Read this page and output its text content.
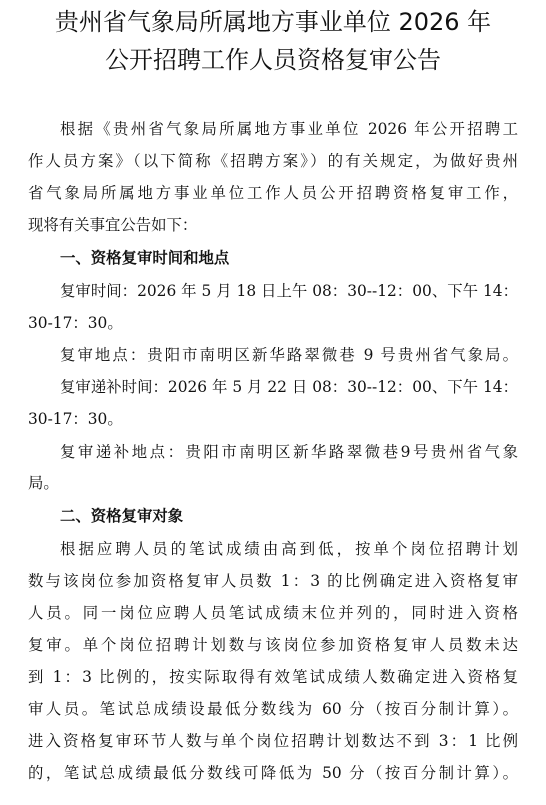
贵州省气象局所属地方事业单位 2026 年
公开招聘工作人员资格复审公告
根据《贵州省气象局所属地方事业单位 2026 年公开招聘工
作人员方案》（以下简称《招聘方案》）的有关规定，为做好贵州
省气象局所属地方事业单位工作人员公开招聘资格复审工作，
现将有关事宜公告如下：
一、资格复审时间和地点
复审时间：2026 年 5 月 18 日上午 08：30--12：00、下午 14：
30-17：30。
复审地点：贵阳市南明区新华路翠微巷 9 号贵州省气象局。
复审递补时间：2026 年 5 月 22 日 08：30--12：00、下午 14：
30-17：30。
复审递补地点：贵阳市南明区新华路翠微巷9号贵州省气象
局。
二、资格复审对象
根据应聘人员的笔试成绩由高到低，按单个岗位招聘计划
数与该岗位参加资格复审人员数 1：3 的比例确定进入资格复审
人员。同一岗位应聘人员笔试成绩末位并列的，同时进入资格
复审。单个岗位招聘计划数与该岗位参加资格复审人员数未达
到 1：3 比例的，按实际取得有效笔试成绩人数确定进入资格复
审人员。笔试总成绩设最低分数线为 60 分（按百分制计算）。
进入资格复审环节人数与单个岗位招聘计划数达不到 3：1 比例
的，笔试总成绩最低分数线可降低为 50 分（按百分制计算）。
